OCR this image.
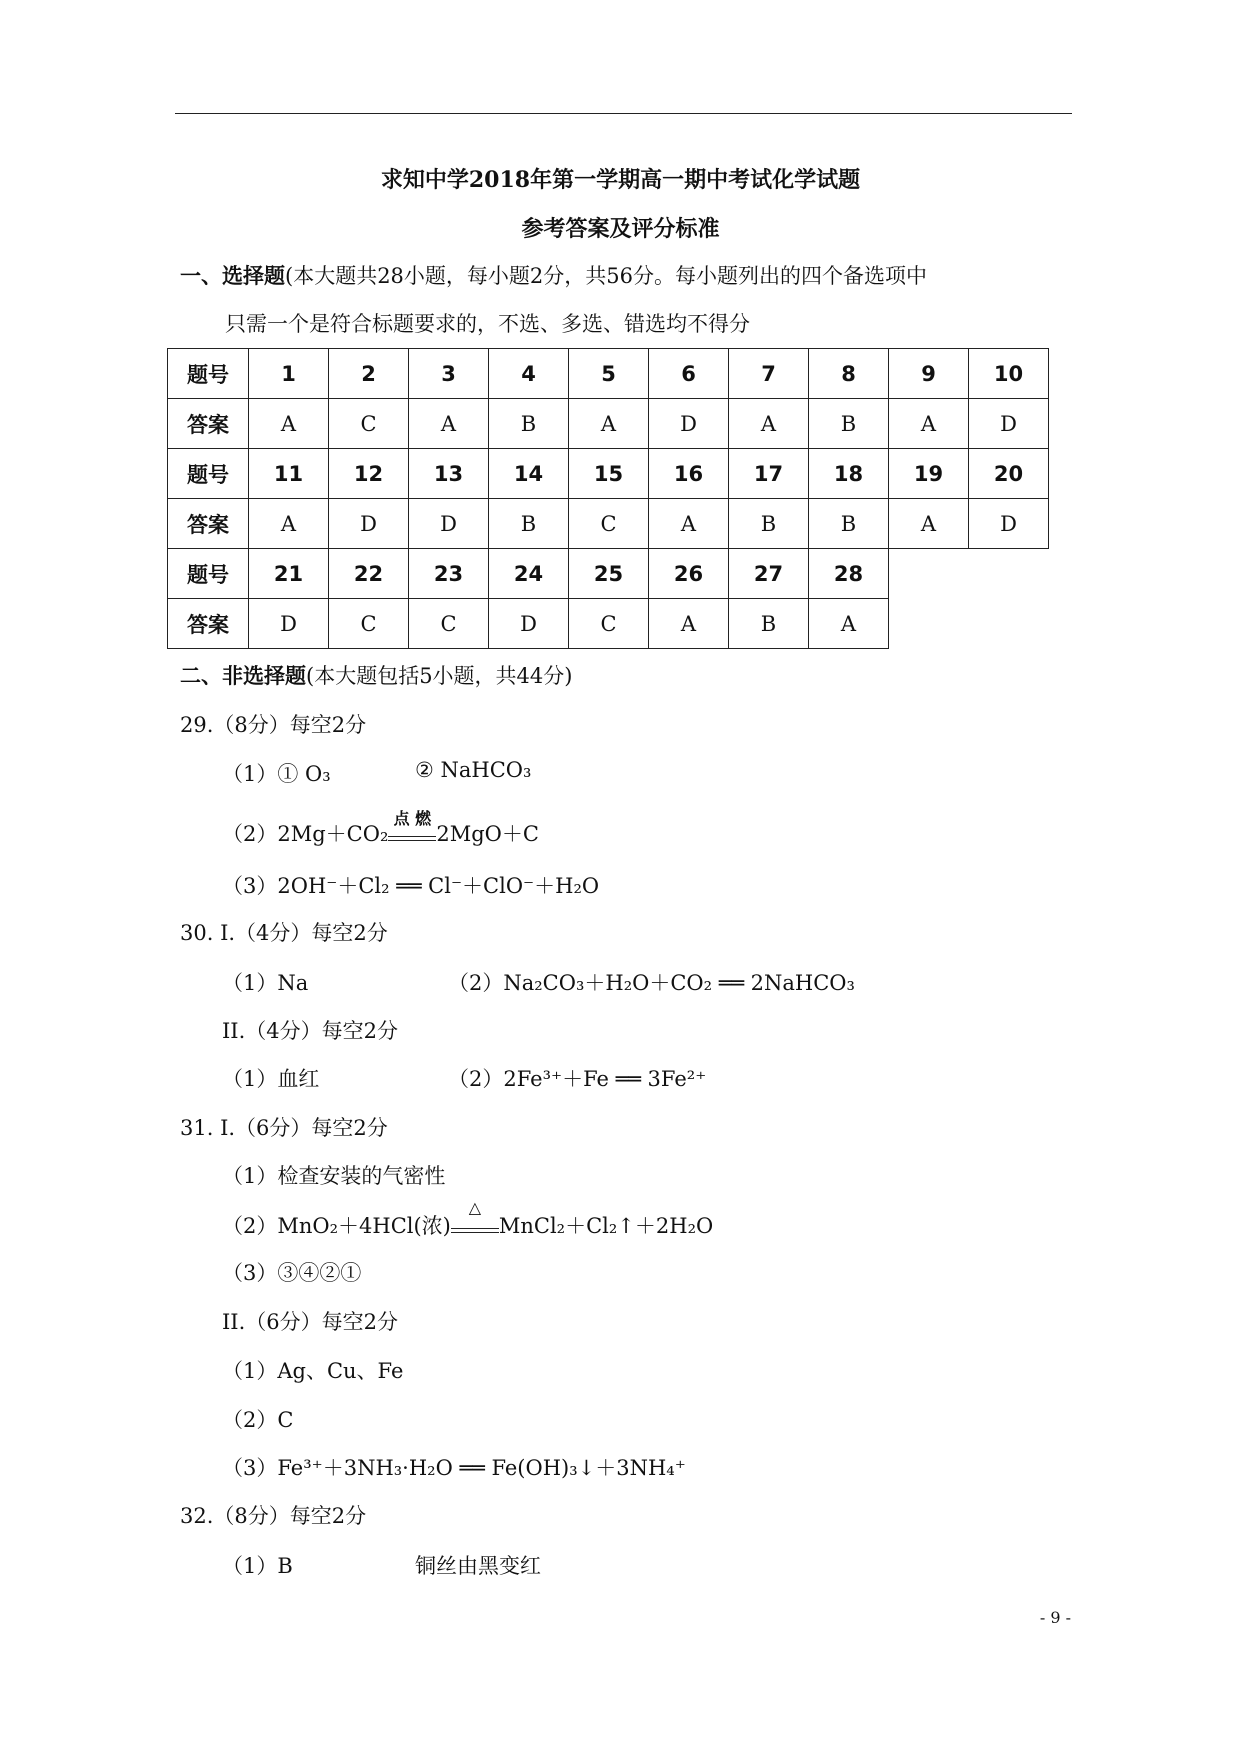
求知中学2018年第一学期高一期中考试化学试题
参考答案及评分标准
一、选择题(本大题共28小题，每小题2分，共56分。每小题列出的四个备选项中
只需一个是符合标题要求的，不选、多选、错选均不得分
题号	1	2	3	4	5	6	7	8	9	10
答案	A	C	A	B	A	D	A	B	A	D
题号	11	12	13	14	15	16	17	18	19	20
答案	A	D	D	B	C	A	B	B	A	D
题号	21	22	23	24	25	26	27	28		
答案	D	C	C	D	C	A	B	A		
二、非选择题(本大题包括5小题，共44分)
29.（8分）每空2分
（1）① O₃	② NaHCO₃
（2）2Mg＋CO₂
点 燃
2MgO＋C
（3）2OH⁻＋Cl₂ ══ Cl⁻＋ClO⁻＋H₂O
30. I.（4分）每空2分
（1）Na	（2）Na₂CO₃＋H₂O＋CO₂ ══ 2NaHCO₃
II.（4分）每空2分
（1）血红	（2）2Fe³⁺＋Fe ══ 3Fe²⁺
31. I.（6分）每空2分
（1）检查安装的气密性
（2）MnO₂＋4HCl(浓)
△
MnCl₂＋Cl₂↑＋2H₂O
（3）③④②①
II.（6分）每空2分
（1）Ag、Cu、Fe
（2）C
（3）Fe³⁺＋3NH₃·H₂O ══ Fe(OH)₃↓＋3NH₄⁺
32.（8分）每空2分
（1）B	铜丝由黑变红
- 9 -
